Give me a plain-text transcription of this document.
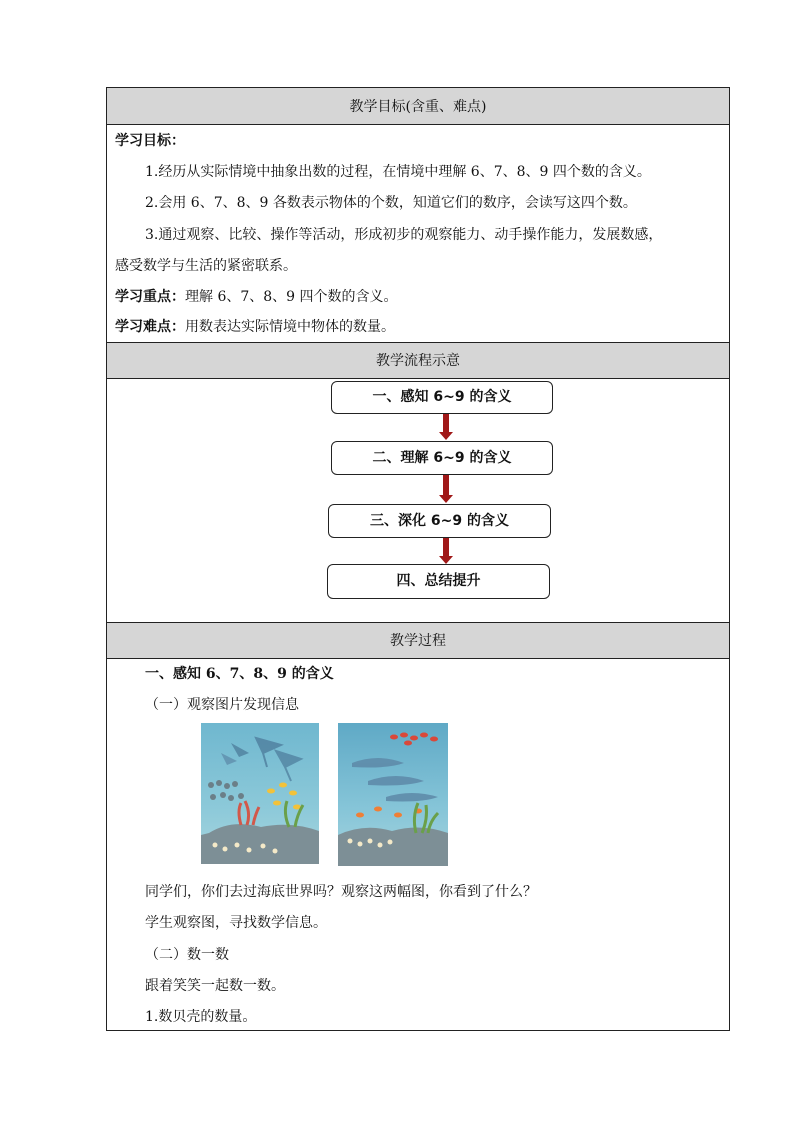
教学目标(含重、难点)
学习目标：
1.经历从实际情境中抽象出数的过程，在情境中理解 6、7、8、9 四个数的含义。
2.会用 6、7、8、9 各数表示物体的个数，知道它们的数序，会读写这四个数。
3.通过观察、比较、操作等活动，形成初步的观察能力、动手操作能力，发展数感，
感受数学与生活的紧密联系。
学习重点：理解 6、7、8、9 四个数的含义。
学习难点：用数表达实际情境中物体的数量。
教学流程示意
一、感知 6~9 的含义
二、理解 6~9 的含义
三、深化 6~9 的含义
四、总结提升
教学过程
一、感知 6、7、8、9 的含义
（一）观察图片发现信息
同学们，你们去过海底世界吗？观察这两幅图，你看到了什么？
学生观察图，寻找数学信息。
（二）数一数
跟着笑笑一起数一数。
1.数贝壳的数量。
